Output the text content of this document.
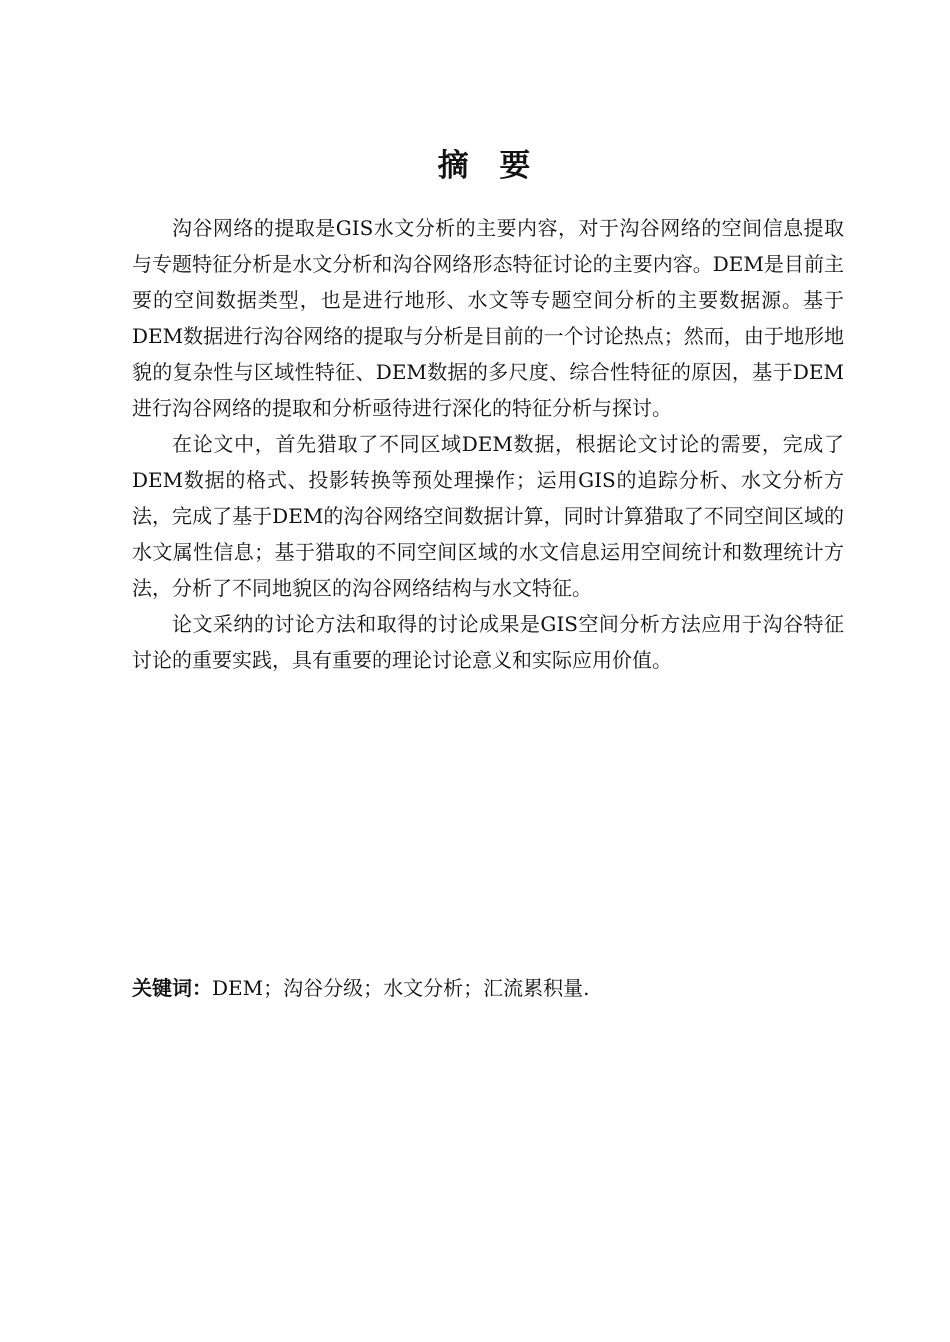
摘 要

沟谷网络的提取是GIS水文分析的主要内容，对于沟谷网络的空间信息提取与专题特征分析是水文分析和沟谷网络形态特征讨论的主要内容。DEM是目前主要的空间数据类型，也是进行地形、水文等专题空间分析的主要数据源。基于DEM数据进行沟谷网络的提取与分析是目前的一个讨论热点；然而，由于地形地貌的复杂性与区域性特征、DEM数据的多尺度、综合性特征的原因，基于DEM进行沟谷网络的提取和分析亟待进行深化的特征分析与探讨。

在论文中，首先猎取了不同区域DEM数据，根据论文讨论的需要，完成了DEM数据的格式、投影转换等预处理操作；运用GIS的追踪分析、水文分析方法，完成了基于DEM的沟谷网络空间数据计算，同时计算猎取了不同空间区域的水文属性信息；基于猎取的不同空间区域的水文信息运用空间统计和数理统计方法，分析了不同地貌区的沟谷网络结构与水文特征。

论文采纳的讨论方法和取得的讨论成果是GIS空间分析方法应用于沟谷特征讨论的重要实践，具有重要的理论讨论意义和实际应用价值。

关键词：DEM；沟谷分级；水文分析；汇流累积量.
